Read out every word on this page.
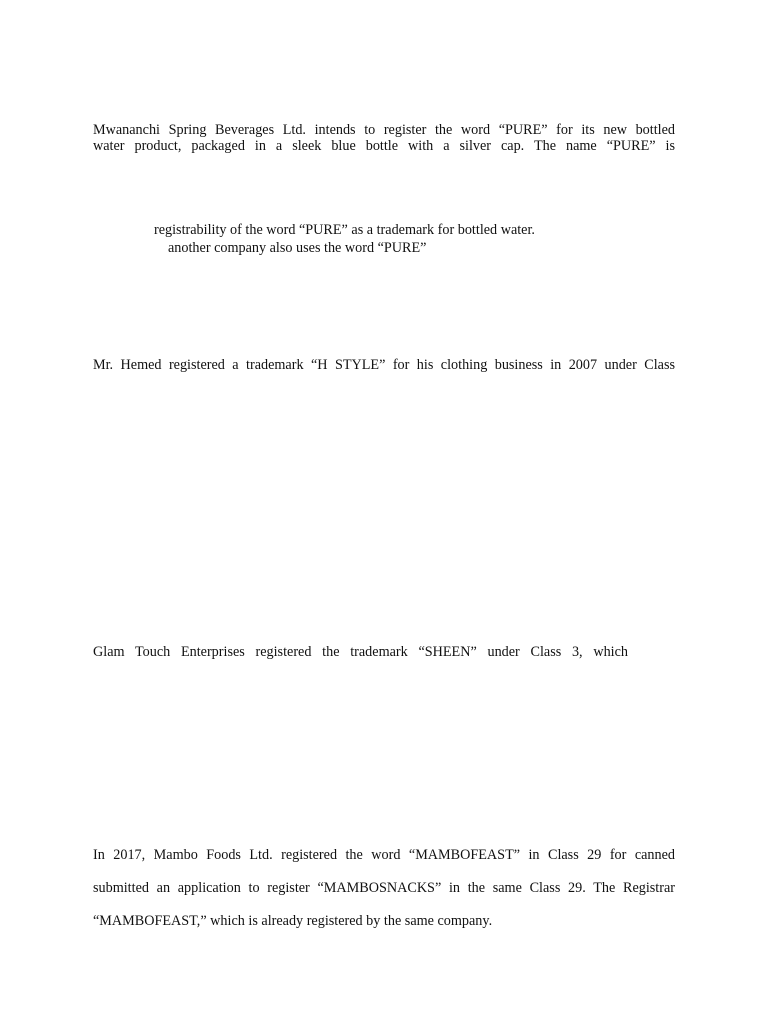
Mwananchi Spring Beverages Ltd. intends to register the word “PURE” for its new bottled
water product, packaged in a sleek blue bottle with a silver cap. The name “PURE” is
registrability of the word “PURE” as a trademark for bottled water.
another company also uses the word “PURE”
Mr. Hemed registered a trademark “H STYLE” for his clothing business in 2007 under Class
Glam Touch Enterprises registered the trademark “SHEEN” under Class 3, which
In 2017, Mambo Foods Ltd. registered the word “MAMBOFEAST” in Class 29 for canned
submitted an application to register “MAMBOSNACKS” in the same Class 29. The Registrar
“MAMBOFEAST,” which is already registered by the same company.
